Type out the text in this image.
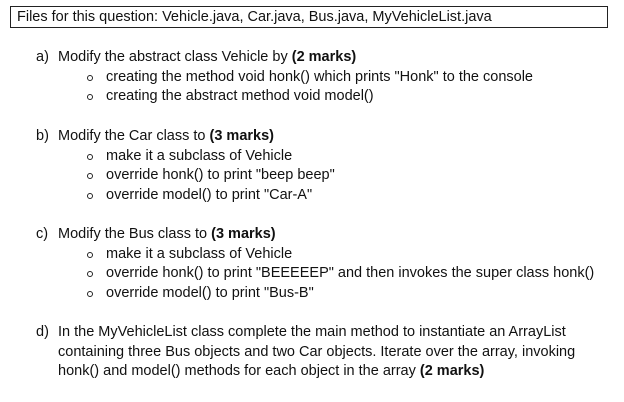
Files for this question: Vehicle.java, Car.java, Bus.java, MyVehicleList.java
a) Modify the abstract class Vehicle by (2 marks)
creating the method void honk() which prints "Honk" to the console
creating the abstract method void model()
b) Modify the Car class to (3 marks)
make it a subclass of Vehicle
override honk() to print "beep beep"
override model() to print "Car-A"
c) Modify the Bus class to (3 marks)
make it a subclass of Vehicle
override honk() to print "BEEEEEP" and then invokes the super class honk()
override model() to print "Bus-B"
d) In the MyVehicleList class complete the main method to instantiate an ArrayList
containing three Bus objects and two Car objects. Iterate over the array, invoking
honk() and model() methods for each object in the array (2 marks)
